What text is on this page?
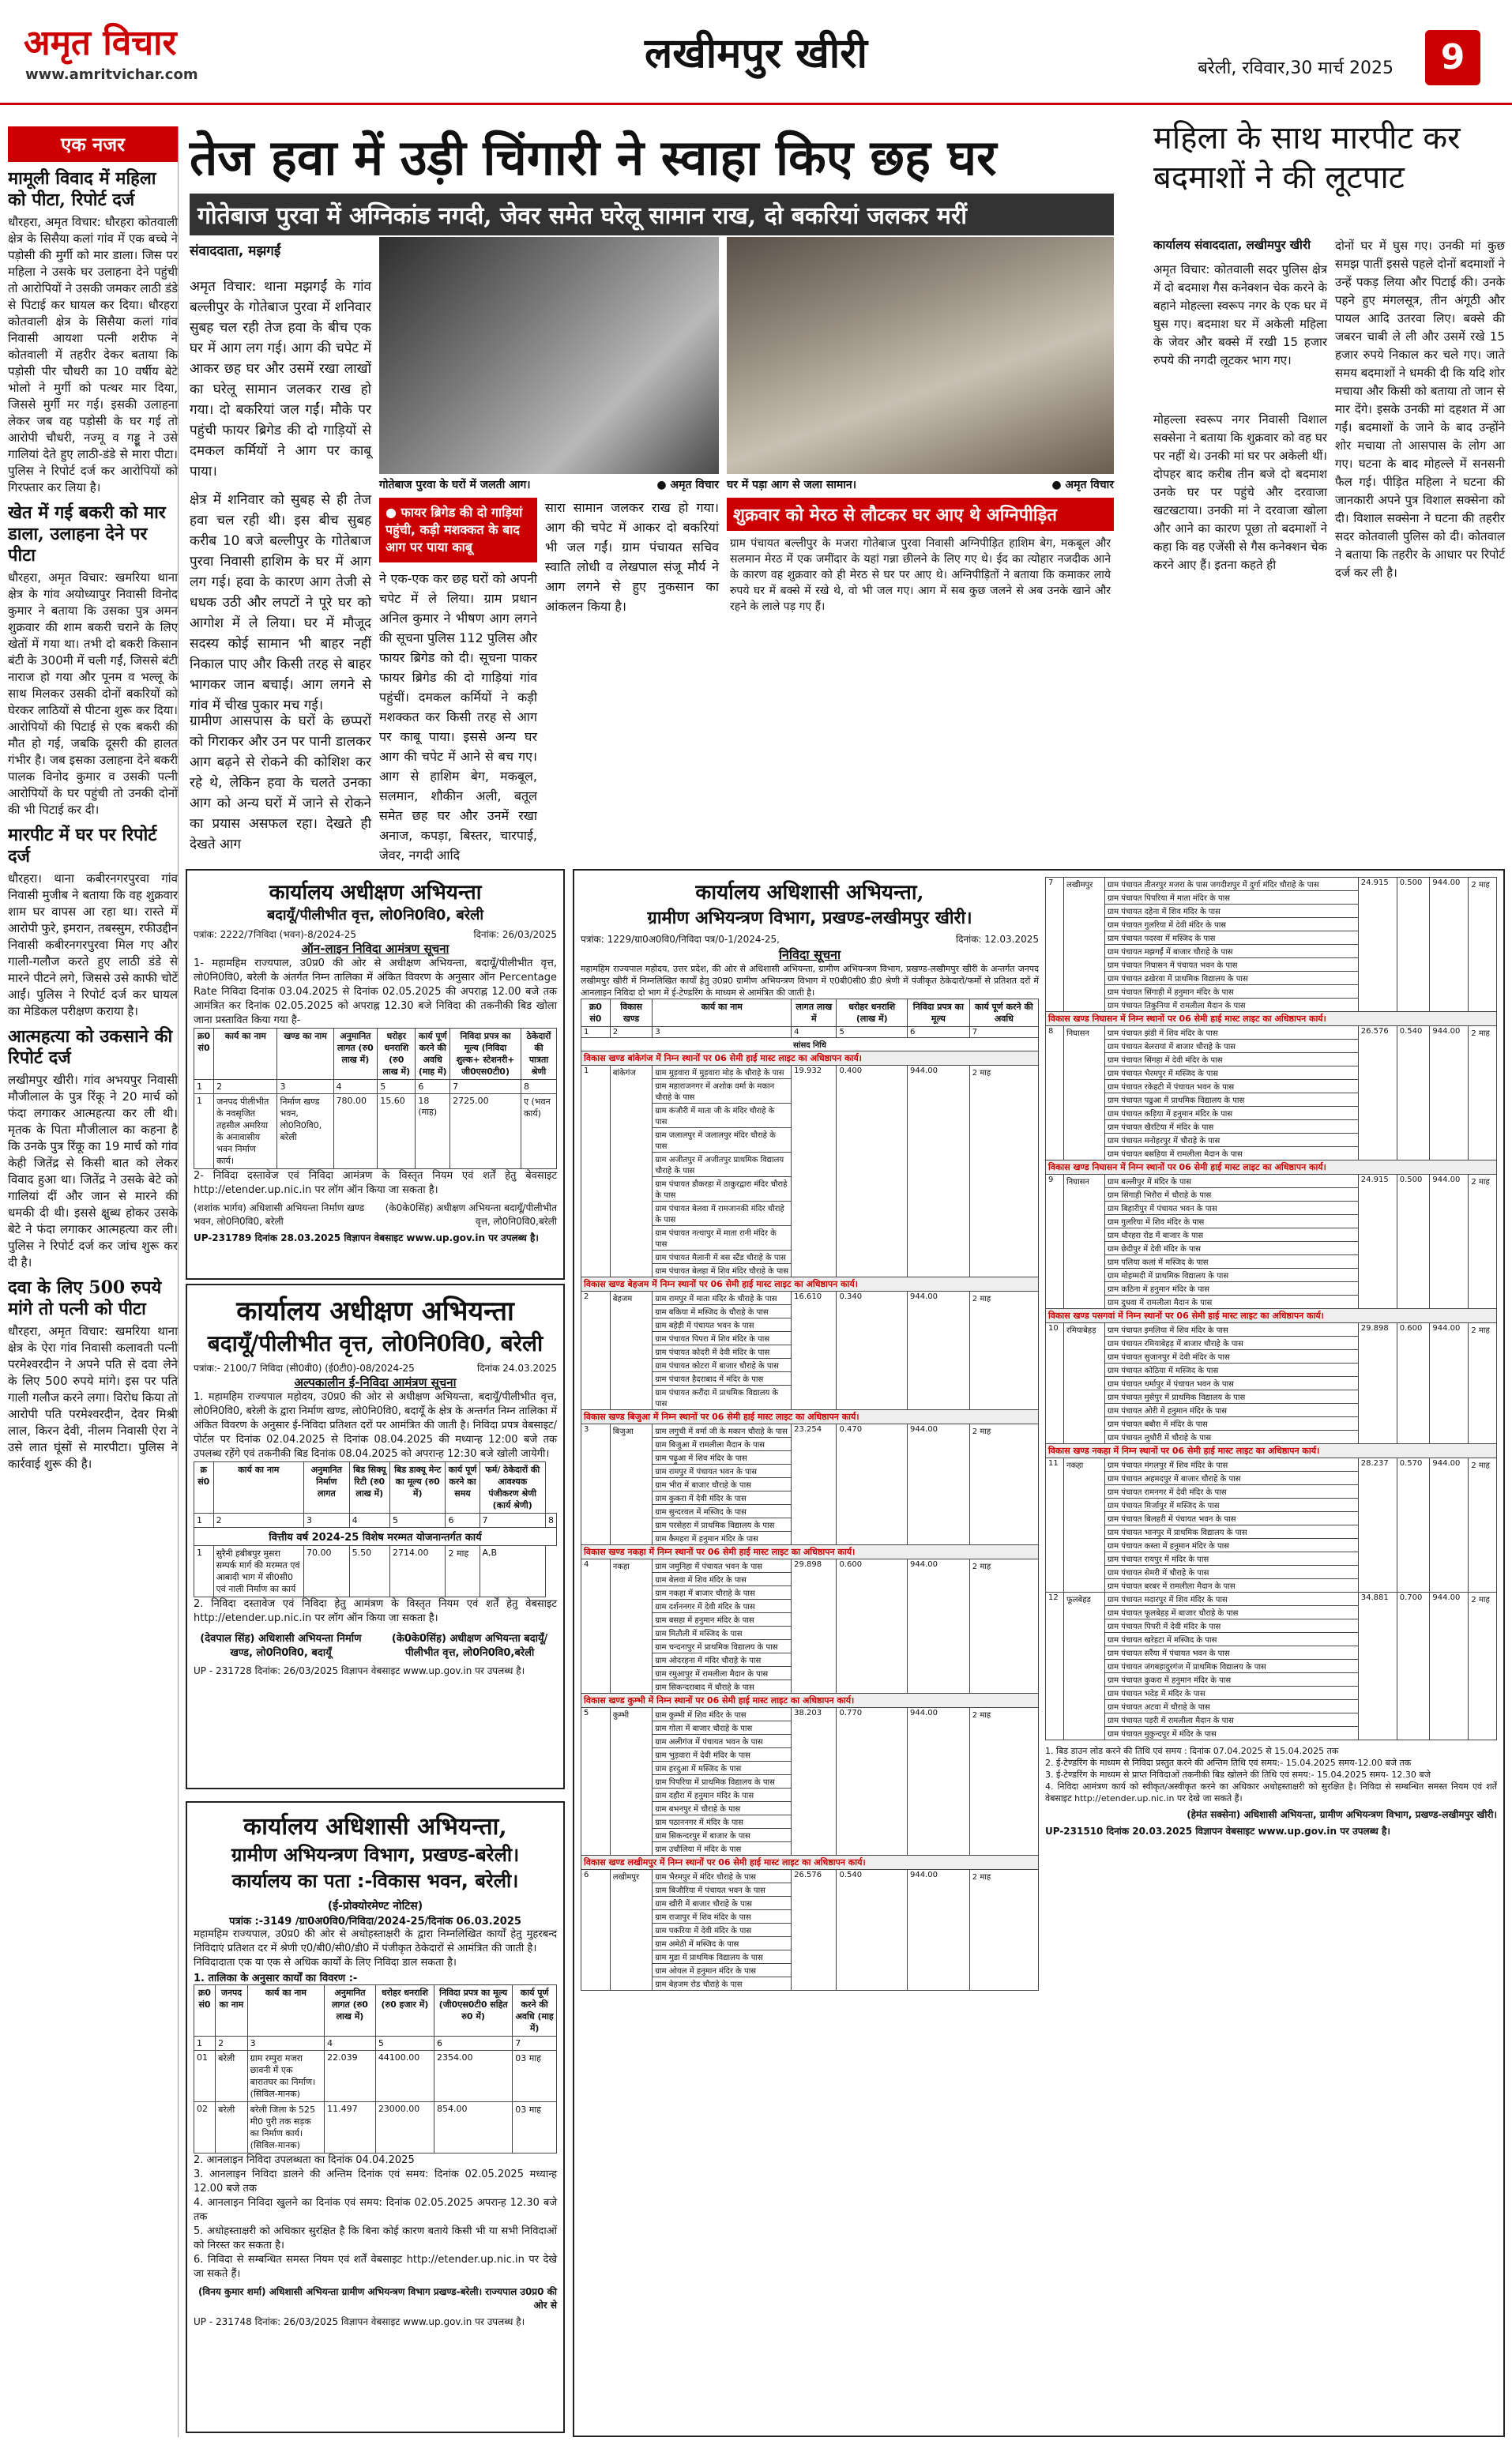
अमृत विचार
www.amritvichar.com	लखीमपुर खीरी	बरेली, रविवार,30 मार्च 2025	9
एक नजर
मामूली विवाद में महिला को पीटा, रिपोर्ट दर्ज
धौरहरा, अमृत विचार: धौरहरा कोतवाली क्षेत्र के सिसैया कलां गांव में एक बच्चे ने पड़ोसी की मुर्गी को मार डाला। जिस पर महिला ने उसके घर उलाहना देने पहुंची तो आरोपियों ने उसकी जमकर लाठी डंडे से पिटाई कर घायल कर दिया। धौरहरा कोतवाली क्षेत्र के सिसैया कलां गांव निवासी आयशा पत्नी शरीफ ने कोतवाली में तहरीर देकर बताया कि पड़ोसी पीर चौधरी का 10 वर्षीय बेटे भोलो ने मुर्गी को पत्थर मार दिया, जिससे मुर्गी मर गई। इसकी उलाहना लेकर जब वह पड़ोसी के घर गई तो आरोपी चौधरी, नज्मू व गड्डू ने उसे गालियां देते हुए लाठी-डंडे से मारा पीटा। पुलिस ने रिपोर्ट दर्ज कर आरोपियों को गिरफ्तार कर लिया है।
खेत में गई बकरी को मार डाला, उलाहना देने पर पीटा
धौरहरा, अमृत विचार: खमरिया थाना क्षेत्र के गांव अयोध्यापुर निवासी विनोद कुमार ने बताया कि उसका पुत्र अमन शुक्रवार की शाम बकरी चराने के लिए खेतों में गया था। तभी दो बकरी किसान बंटी के 300मी में चली गईं, जिससे बंटी नाराज हो गया और पूनम व भल्लू के साथ मिलकर उसकी दोनों बकरियों को घेरकर लाठियों से पीटना शुरू कर दिया। आरोपियों की पिटाई से एक बकरी की मौत हो गई, जबकि दूसरी की हालत गंभीर है। जब इसका उलाहना देने बकरी पालक विनोद कुमार व उसकी पत्नी आरोपियों के घर पहुंची तो उनकी दोनों की भी पिटाई कर दी।
मारपीट में घर पर रिपोर्ट दर्ज
धौरहरा। थाना कबीरनगरपुरवा गांव निवासी मुजीब ने बताया कि वह शुक्रवार शाम घर वापस आ रहा था। रास्ते में आरोपी फुरे, इमरान, तबस्सुम, रफीउद्दीन निवासी कबीरनगरपुरवा मिल गए और गाली-गलौज करते हुए लाठी डंडे से मारने पीटने लगे, जिससे उसे काफी चोटें आईं। पुलिस ने रिपोर्ट दर्ज कर घायल का मेडिकल परीक्षण कराया है।
आत्महत्या को उकसाने की रिपोर्ट दर्ज
लखीमपुर खीरी। गांव अभयपुर निवासी मौजीलाल के पुत्र रिंकू ने 20 मार्च को फंदा लगाकर आत्महत्या कर ली थी। मृतक के पिता मौजीलाल का कहना है कि उनके पुत्र रिंकू का 19 मार्च को गांव केही जितेंद्र से किसी बात को लेकर विवाद हुआ था। जितेंद्र ने उसके बेटे को गालियां दीं और जान से मारने की धमकी दी थी। इससे क्षुब्ध होकर उसके बेटे ने फंदा लगाकर आत्महत्या कर ली। पुलिस ने रिपोर्ट दर्ज कर जांच शुरू कर दी है।
दवा के लिए 500 रुपये मांगे तो पत्नी को पीटा
धौरहरा, अमृत विचार: खमरिया थाना क्षेत्र के ऐरा गांव निवासी कलावती पत्नी परमेश्वरदीन ने अपने पति से दवा लेने के लिए 500 रुपये मांगे। इस पर पति गाली गलौज करने लगा। विरोध किया तो आरोपी पति परमेश्वरदीन, देवर मिश्री लाल, किरन देवी, नीलम निवासी ऐरा ने उसे लात घूंसों से मारपीटा। पुलिस ने कार्रवाई शुरू की है।
तेज हवा में उड़ी चिंगारी ने स्वाहा किए छह घर
गोतेबाज पुरवा में अग्निकांड नगदी, जेवर समेत घरेलू सामान राख, दो बकरियां जलकर मरीं
संवाददाता, मझगईं
अमृत विचार: थाना मझगईं के गांव बल्लीपुर के गोतेबाज पुरवा में शनिवार सुबह चल रही तेज हवा के बीच एक घर में आग लग गई। आग की चपेट में आकर छह घर और उसमें रखा लाखों का घरेलू सामान जलकर राख हो गया। दो बकरियां जल गईं। मौके पर पहुंची फायर ब्रिगेड की दो गाड़ियों से दमकल कर्मियों ने आग पर काबू पाया।
गोतेबाज पुरवा के घरों में जलती आग।	● अमृत विचार घर में पड़ा आग से जला सामान।	● अमृत विचार
क्षेत्र में शनिवार को सुबह से ही तेज हवा चल रही थी। इस बीच सुबह करीब 10 बजे बल्लीपुर के गोतेबाज पुरवा निवासी हाशिम के घर में आग लग गई। हवा के कारण आग तेजी से धधक उठी और लपटों ने पूरे घर को आगोश में ले लिया। घर में मौजूद सदस्य कोई सामान भी बाहर नहीं निकाल पाए और किसी तरह से बाहर भागकर जान बचाई। आग लगने से गांव में चीख पुकार मच गई।
ग्रामीण आसपास के घरों के छप्परों को गिराकर और उन पर पानी डालकर आग बढ़ने से रोकने की कोशिश कर रहे थे, लेकिन हवा के चलते उनका आग को अन्य घरों में जाने से रोकने का प्रयास असफल रहा। देखते ही देखते आग
● फायर ब्रिगेड की दो गाड़ियां पहुंची, कड़ी मशक्कत के बाद आग पर पाया काबू
ने एक-एक कर छह घरों को अपनी चपेट में ले लिया। ग्राम प्रधान अनिल कुमार ने भीषण आग लगने की सूचना पुलिस 112 पुलिस और फायर ब्रिगेड को दी। सूचना पाकर फायर ब्रिगेड की दो गाड़ियां गांव पहुंचीं। दमकल कर्मियों ने कड़ी मशक्कत कर किसी तरह से आग पर काबू पाया। इससे अन्य घर आग की चपेट में आने से बच गए। आग से हाशिम बेग, मकबूल, सलमान, शौकीन अली, बतूल समेत छह घर और उनमें रखा अनाज, कपड़ा, बिस्तर, चारपाई, जेवर, नगदी आदि
सारा सामान जलकर राख हो गया। आग की चपेट में आकर दो बकरियां भी जल गईं। ग्राम पंचायत सचिव स्वाति लोधी व लेखपाल संजू मौर्य ने आग लगने से हुए नुकसान का आंकलन किया है।
शुक्रवार को मेरठ से लौटकर घर आए थे अग्निपीड़ित
ग्राम पंचायत बल्लीपुर के मजरा गोतेबाज पुरवा निवासी अग्निपीड़ित हाशिम बेग, मकबूल और सलमान मेरठ में एक जमींदार के यहां गन्ना छीलने के लिए गए थे। ईद का त्योहार नजदीक आने के कारण वह शुक्रवार को ही मेरठ से घर पर आए थे। अग्निपीड़ितों ने बताया कि कमाकर लाये रुपये घर में बक्से में रखे थे, वो भी जल गए। आग में सब कुछ जलने से अब उनके खाने और रहने के लाले पड़ गए हैं।
महिला के साथ मारपीट कर बदमाशों ने की लूटपाट
कार्यालय संवाददाता, लखीमपुर खीरी
अमृत विचार: कोतवाली सदर पुलिस क्षेत्र में दो बदमाश गैस कनेक्शन चेक करने के बहाने मोहल्ला स्वरूप नगर के एक घर में घुस गए। बदमाश घर में अकेली महिला के जेवर और बक्से में रखी 15 हजार रुपये की नगदी लूटकर भाग गए।
मोहल्ला स्वरूप नगर निवासी विशाल सक्सेना ने बताया कि शुक्रवार को वह घर पर नहीं थे। उनकी मां घर पर अकेली थीं। दोपहर बाद करीब तीन बजे दो बदमाश उनके घर पर पहुंचे और दरवाजा खटखटाया। उनकी मां ने दरवाजा खोला और आने का कारण पूछा तो बदमाशों ने कहा कि वह एजेंसी से गैस कनेक्शन चेक करने आए हैं। इतना कहते ही
दोनों घर में घुस गए। उनकी मां कुछ समझ पातीं इससे पहले दोनों बदमाशों ने उन्हें पकड़ लिया और पिटाई की। उनके पहने हुए मंगलसूत्र, तीन अंगूठी और पायल आदि उतरवा लिए। बक्से की जबरन चाबी ले ली और उसमें रखे 15 हजार रुपये निकाल कर चले गए। जाते समय बदमाशों ने धमकी दी कि यदि शोर मचाया और किसी को बताया तो जान से मार देंगे। इसके उनकी मां दहशत में आ गईं। बदमाशों के जाने के बाद उन्होंने शोर मचाया तो आसपास के लोग आ गए। घटना के बाद मोहल्ले में सनसनी फैल गई। पीड़ित महिला ने घटना की जानकारी अपने पुत्र विशाल सक्सेना को दी। विशाल सक्सेना ने घटना की तहरीर सदर कोतवाली पुलिस को दी। कोतवाल ने बताया कि तहरीर के आधार पर रिपोर्ट दर्ज कर ली है।
कार्यालय अधीक्षण अभियन्ता
बदायूँ/पीलीभीत वृत्त, लो0नि0वि0, बरेली
पत्रांक: 2222/7निविदा (भवन)-8/2024-25	दिनांक: 26/03/2025
ऑन-लाइन निविदा आमंत्रण सूचना
1- महामहिम राज्यपाल, उ0प्र0 की ओर से अधीक्षण अभियन्ता, बदायूँ/पीलीभीत वृत्त, लो0नि0वि0, बरेली के अंतर्गत निम्न तालिका में अंकित विवरण के अनुसार ऑन Percentage Rate निविदा दिनांक 03.04.2025 से दिनांक 02.05.2025 की अपराह्न 12.00 बजे तक आमंत्रित कर दिनांक 02.05.2025 को अपराह्न 12.30 बजे निविदा की तकनीकी बिड खोला जाना प्रस्तावित किया गया है-
क्र0 सं0	कार्य का नाम	खण्ड का नाम	अनुमानित लागत (रु0 लाख में)	धरोहर धनराशि (रु0 लाख में)	कार्य पूर्ण करने की अवधि (माह में)	निविदा प्रपत्र का मूल्य (निविदा शुल्क+ स्टेशनरी+ जी0एस0टी0)	ठेकेदारों की पात्रता श्रेणी
1	2	3	4	5	6	7	8
1	जनपद पीलीभीत के नवसृजित तहसील अमरिया के अनावासीय भवन निर्माण कार्य।	निर्माण खण्ड भवन, लो0नि0वि0, बरेली	780.00	15.60	18 (माह)	2725.00	ए (भवन कार्य)
2- निविदा दस्तावेज एवं निविदा आमंत्रण के विस्तृत नियम एवं शर्तें हेतु बेवसाइट http://etender.up.nic.in पर लॉग ऑन किया जा सकता है।
(शशांक भार्गव) अधिशासी अभियन्ता निर्माण खण्ड भवन, लो0नि0वि0, बरेली
(के0के0सिंह) अधीक्षण अभियन्ता बदायूँ/पीलीभीत वृत्त, लो0नि0वि0,बरेली
UP-231789 दिनांक 28.03.2025 विज्ञापन वेबसाइट www.up.gov.in पर उपलब्ध है।
कार्यालय अधीक्षण अभियन्ता
बदायूँ/पीलीभीत वृत्त, लो0नि0वि0, बरेली
पत्रांक:- 2100/7 निविदा (सी0वी0) (ई0टी0)-08/2024-25	दिनांक 24.03.2025
अल्पकालीन ई-निविदा आमंत्रण सूचना
1. महामहिम राज्यपाल महोदय, उ0प्र0 की ओर से अधीक्षण अभियन्ता, बदायूँ/पीलीभीत वृत्त, लो0नि0वि0, बरेली के द्वारा निर्माण खण्ड, लो0नि0वि0, बदायूँ के क्षेत्र के अन्तर्गत निम्न तालिका में अंकित विवरण के अनुसार ई-निविदा प्रतिशत दरों पर आमंत्रित की जाती है। निविदा प्रपत्र वेबसाइट/पोर्टल पर दिनांक 02.04.2025 से दिनांक 08.04.2025 की मध्यान्ह 12:00 बजे तक उपलब्ध रहेंगे एवं तकनीकी बिड दिनांक 08.04.2025 को अपरान्ह 12:30 बजे खोली जायेगी।
क्र सं0	कार्य का नाम	अनुमानित निर्माण लागत	बिड सिक्यू रिटी (रु0 लाख में)	बिड डाक्यू मेन्ट का मूल्य (रु0 में)	कार्य पूर्ण करने का समय	फर्म/ ठेकेदारों की आवश्यक पंजीकरण श्रेणी (कार्य श्रेणी)	
1	2	3	4	5	6	7	8
वित्तीय वर्ष 2024-25 विशेष मरम्मत योजनान्तर्गत कार्य							
1	सुरैनी हबीबपुर मुसरा सम्पर्क मार्ग की मरम्मत एवं आबादी भाग में सी0सी0 एवं नाली निर्माण का कार्य	70.00	5.50	2714.00	2 माह	A,B	
2. निविदा दस्तावेज एवं निविदा हेतु आमंत्रण के विस्तृत नियम एवं शर्तें हेतु वेबसाइट http://etender.up.nic.in पर लॉग ऑन किया जा सकता है।
(देवपाल सिंह) अधिशासी अभियन्ता निर्माण खण्ड, लो0नि0वि0, बदायूँ
(के0के0सिंह) अधीक्षण अभियन्ता बदायूँ/पीलीभीत वृत्त, लो0नि0वि0,बरेली
UP - 231728 दिनांक: 26/03/2025 विज्ञापन वेबसाइट www.up.gov.in पर उपलब्ध है।
कार्यालय अधिशासी अभियन्ता,
ग्रामीण अभियन्त्रण विभाग, प्रखण्ड-बरेली।
कार्यालय का पता :-विकास भवन, बरेली।
(ई-प्रोक्योरमेण्ट नोटिस)
पत्रांक :-3149 /ग्रा0अ0वि0/निविदा/2024-25/दिनांक 06.03.2025
महामहिम राज्यपाल, उ0प्र0 की ओर से अधोहस्ताक्षरी के द्वारा निम्नलिखित कार्यों हेतु मुहरबन्द निविदाएं प्रतिशत दर में श्रेणी ए0/बी0/सी0/डी0 में पंजीकृत ठेकेदारों से आमंत्रित की जाती है।
निविदादाता एक या एक से अधिक कार्यों के लिए निविदा डाल सकता है।
1. तालिका के अनुसार कार्यों का विवरण :-
क्र0 सं0	जनपद का नाम	कार्य का नाम	अनुमानित लागत (रु0 लाख में)	धरोहर धनराशि (रु0 हजार में)	निविदा प्रपत्र का मूल्य (जी0एस0टी0 सहित रु0 में)	कार्य पूर्ण करने की अवधि (माह में)
1	2	3	4	5	6	7
01	बरेली	ग्राम रम्पुरा मजरा छावनी में एक बारातघर का निर्माण। (सिविल-मानक)	22.039	44100.00	2354.00	03 माह
02	बरेली	बरेली जिला के 525 मी0 पुरी तक सड़क का निर्माण कार्य। (सिविल-मानक)	11.497	23000.00	854.00	03 माह
2. आनलाइन निविदा उपलब्धता का दिनांक 04.04.2025
3. आनलाइन निविदा डालने की अन्तिम दिनांक एवं समय: दिनांक 02.05.2025 मध्यान्ह 12.00 बजे तक
4. आनलाइन निविदा खुलने का दिनांक एवं समय: दिनांक 02.05.2025 अपरान्ह 12.30 बजे तक
5. अधोहस्ताक्षरी को अधिकार सुरक्षित है कि बिना कोई कारण बताये किसी भी या सभी निविदाओं को निरस्त कर सकता है।
6. निविदा से सम्बन्धित समस्त नियम एवं शर्तें वेबसाइट http://etender.up.nic.in पर देखे जा सकते हैं।
(विनय कुमार शर्मा) अधिशासी अभियन्ता ग्रामीण अभियन्त्रण विभाग प्रखण्ड-बरेली। राज्यपाल उ0प्र0 की ओर से
UP - 231748 दिनांक: 26/03/2025 विज्ञापन वेबसाइट www.up.gov.in पर उपलब्ध है।
कार्यालय अधिशासी अभियन्ता,
ग्रामीण अभियन्त्रण विभाग, प्रखण्ड-लखीमपुर खीरी।
पत्रांक: 1229/ग्रा0अ0वि0/निविदा पत्र/0-1/2024-25,	दिनांक: 12.03.2025
निविदा सूचना
महामहिम राज्यपाल महोदय, उत्तर प्रदेश, की ओर से अधिशासी अभियन्ता, ग्रामीण अभियन्त्रण विभाग, प्रखण्ड-लखीमपुर खीरी के अन्तर्गत जनपद लखीमपुर खीरी में निम्नलिखित कार्यों हेतु उ0प्र0 ग्रामीण अभियन्त्रण विभाग में ए0बी0सी0 डी0 श्रेणी में पंजीकृत ठेकेदारों/फर्मो से प्रतिशत दरों में आनलाइन निविदा दो भाग में ई-टेण्डरिंग के माध्यम से आमंत्रित की जाती है।
क्र0 सं0	विकास खण्ड	कार्य का नाम	लागत लाख में	धरोहर धनराशि (लाख में)	निविदा प्रपत्र का मूल्य	कार्य पूर्ण करने की अवधि
1	2	3	4	5	6	7
सांसद निधि						
विकास खण्ड बांकेगंज में निम्न स्थानों पर 06 सेमी हाई मास्ट लाइट का अधिष्ठापन कार्य।						
1	बांकेगंज	ग्राम मुड़वारा में मुड़वारा मोड़ के चौराहे के पास	19.932	0.400	944.00	2 माह
		ग्राम महाराजनगर में अशोक वर्मा के मकान चौराहे के पास				
		ग्राम कंजौरी में माता जी के मंदिर चौराहे के पास				
		ग्राम जलालपुर में जलालपुर मंदिर चौराहे के पास				
		ग्राम अजीतपुर में अजीतपुर प्राथमिक विद्यालय चौराहे के पास				
		ग्राम पंचायत डौकरहा में ठाकुरद्वारा मंदिर चौराहे के पास				
		ग्राम पंचायत बेलवा में रामजानकी मंदिर चौराहे के पास				
		ग्राम पंचायत नत्थापुर में माता रानी मंदिर के पास				
		ग्राम पंचायत मैलानी में बस स्टैंड चौराहे के पास				
		ग्राम पंचायत बेलहा में शिव मंदिर चौराहे के पास				
विकास खण्ड बेहजम में निम्न स्थानों पर 06 सेमी हाई मास्ट लाइट का अधिष्ठापन कार्य।						
2	बेहजम	ग्राम रामपुर में माता मंदिर के चौराहे के पास	16.610	0.340	944.00	2 माह
		ग्राम बकिया में मस्जिद के चौराहे के पास				
		ग्राम बहेड़ी में पंचायत भवन के पास				
		ग्राम पंचायत पिपरा में शिव मंदिर के पास				
		ग्राम पंचायत कोदरी में देवी मंदिर के पास				
		ग्राम पंचायत कोटरा में बाजार चौराहे के पास				
		ग्राम पंचायत हैदराबाद में मंदिर के पास				
		ग्राम पंचायत करौंदा में प्राथमिक विद्यालय के पास				
विकास खण्ड बिजुआ में निम्न स्थानों पर 06 सेमी हाई मास्ट लाइट का अधिष्ठापन कार्य।						
3	बिजुआ	ग्राम लगुची में वर्मा जी के मकान चौराहे के पास	23.254	0.470	944.00	2 माह
		ग्राम बिजुआ में रामलीला मैदान के पास				
		ग्राम पढ़ुआ में शिव मंदिर के पास				
		ग्राम रामपुर में पंचायत भवन के पास				
		ग्राम भीरा में बाजार चौराहे के पास				
		ग्राम कुकरा में देवी मंदिर के पास				
		ग्राम सुन्दरवल में मस्जिद के पास				
		ग्राम परसेहरा में प्राथमिक विद्यालय के पास				
		ग्राम कैमहरा में हनुमान मंदिर के पास				
विकास खण्ड नकहा में निम्न स्थानों पर 06 सेमी हाई मास्ट लाइट का अधिष्ठापन कार्य।						
4	नकहा	ग्राम जमुनिहा में पंचायत भवन के पास	29.898	0.600	944.00	2 माह
		ग्राम बेलवा में शिव मंदिर के पास				
		ग्राम नकहा में बाजार चौराहे के पास				
		ग्राम दर्शननगर में देवी मंदिर के पास				
		ग्राम बसहा में हनुमान मंदिर के पास				
		ग्राम मितौली में मस्जिद के पास				
		ग्राम चन्दनापुर में प्राथमिक विद्यालय के पास				
		ग्राम ओदरहना में मंदिर चौराहे के पास				
		ग्राम रमुआपुर में रामलीला मैदान के पास				
		ग्राम सिकन्दराबाद में चौराहे के पास				
विकास खण्ड कुम्भी में निम्न स्थानों पर 06 सेमी हाई मास्ट लाइट का अधिष्ठापन कार्य।						
5	कुम्भी	ग्राम कुम्भी में शिव मंदिर के पास	38.203	0.770	944.00	2 माह
		ग्राम गोला में बाजार चौराहे के पास				
		ग्राम अलीगंज में पंचायत भवन के पास				
		ग्राम भुड़वारा में देवी मंदिर के पास				
		ग्राम हरदुआ में मस्जिद के पास				
		ग्राम पिपरिया में प्राथमिक विद्यालय के पास				
		ग्राम दहौरा में हनुमान मंदिर के पास				
		ग्राम बभनपुर में चौराहे के पास				
		ग्राम पठाननगर में मंदिर के पास				
		ग्राम सिकन्दरपुर में बाजार के पास				
		ग्राम उचौलिया में मंदिर के पास				
विकास खण्ड लखीमपुर में निम्न स्थानों पर 06 सेमी हाई मास्ट लाइट का अधिष्ठापन कार्य।						
6	लखीमपुर	ग्राम भैरमपुर में मंदिर चौराहे के पास	26.576	0.540	944.00	2 माह
		ग्राम बिजौरिया में पंचायत भवन के पास				
		ग्राम खीरी में बाजार चौराहे के पास				
		ग्राम राजापुर में शिव मंदिर के पास				
		ग्राम पकरिया में देवी मंदिर के पास				
		ग्राम अमेठी में मस्जिद के पास				
		ग्राम मुडा में प्राथमिक विद्यालय के पास				
		ग्राम ओयल में हनुमान मंदिर के पास				
		ग्राम बेहजम रोड चौराहे के पास				
7	लखीमपुर	ग्राम पंचायत तीतरपुर मजरा के पास जगदीशपुर में दुर्गा मंदिर चौराहे के पास	24.915	0.500	944.00	2 माह
		ग्राम पंचायत पिपरिया में माता मंदिर के पास				
		ग्राम पंचायत दहेना में शिव मंदिर के पास				
		ग्राम पंचायत गुलरिया में देवी मंदिर के पास				
		ग्राम पंचायत पदरवा में मस्जिद के पास				
		ग्राम पंचायत मझगईं में बाजार चौराहे के पास				
		ग्राम पंचायत निघासन में पंचायत भवन के पास				
		ग्राम पंचायत ढखेरवा में प्राथमिक विद्यालय के पास				
		ग्राम पंचायत सिंगाही में हनुमान मंदिर के पास				
		ग्राम पंचायत तिकुनिया में रामलीला मैदान के पास				
विकास खण्ड निघासन में निम्न स्थानों पर 06 सेमी हाई मास्ट लाइट का अधिष्ठापन कार्य।						
8	निघासन	ग्राम पंचायत झंडी में शिव मंदिर के पास	26.576	0.540	944.00	2 माह
		ग्राम पंचायत बेलरायां में बाजार चौराहे के पास				
		ग्राम पंचायत सिंगहा में देवी मंदिर के पास				
		ग्राम पंचायत भैरमपुर में मस्जिद के पास				
		ग्राम पंचायत रकेहटी में पंचायत भवन के पास				
		ग्राम पंचायत पढुआ में प्राथमिक विद्यालय के पास				
		ग्राम पंचायत कड़िया में हनुमान मंदिर के पास				
		ग्राम पंचायत खैरटिया में मंदिर के पास				
		ग्राम पंचायत मनोहरपुर में चौराहे के पास				
		ग्राम पंचायत बसहिया में रामलीला मैदान के पास				
विकास खण्ड निघासन में निम्न स्थानों पर 06 सेमी हाई मास्ट लाइट का अधिष्ठापन कार्य।						
9	निघासन	ग्राम बल्लीपुर में मंदिर के पास	24.915	0.500	944.00	2 माह
		ग्राम सिंगाही भिरौरा में चौराहे के पास				
		ग्राम बिहारीपुर में पंचायत भवन के पास				
		ग्राम गुलरिया में शिव मंदिर के पास				
		ग्राम धौरहरा रोड में बाजार के पास				
		ग्राम छेदीपुर में देवी मंदिर के पास				
		ग्राम पलिया कलां में मस्जिद के पास				
		ग्राम मोहम्मदी में प्राथमिक विद्यालय के पास				
		ग्राम कठिना में हनुमान मंदिर के पास				
		ग्राम दुधवा में रामलीला मैदान के पास				
विकास खण्ड पसगवां में निम्न स्थानों पर 06 सेमी हाई मास्ट लाइट का अधिष्ठापन कार्य।						
10	रमियाबेहड़	ग्राम पंचायत इमलिया में शिव मंदिर के पास	29.898	0.600	944.00	2 माह
		ग्राम पंचायत रमियाबेहड़ में बाजार चौराहे के पास				
		ग्राम पंचायत सुजानपुर में देवी मंदिर के पास				
		ग्राम पंचायत कोठिया में मस्जिद के पास				
		ग्राम पंचायत धर्मापुर में पंचायत भवन के पास				
		ग्राम पंचायत मुसेपुर में प्राथमिक विद्यालय के पास				
		ग्राम पंचायत ओरी में हनुमान मंदिर के पास				
		ग्राम पंचायत बबौरा में मंदिर के पास				
		ग्राम पंचायत लुधौरी में चौराहे के पास				
विकास खण्ड नकहा में निम्न स्थानों पर 06 सेमी हाई मास्ट लाइट का अधिष्ठापन कार्य।						
11	नकहा	ग्राम पंचायत मंगलपुर में शिव मंदिर के पास	28.237	0.570	944.00	2 माह
		ग्राम पंचायत अहमदपुर में बाजार चौराहे के पास				
		ग्राम पंचायत रामनगर में देवी मंदिर के पास				
		ग्राम पंचायत मिर्जापुर में मस्जिद के पास				
		ग्राम पंचायत बिलहरी में पंचायत भवन के पास				
		ग्राम पंचायत भानपुर में प्राथमिक विद्यालय के पास				
		ग्राम पंचायत कस्ता में हनुमान मंदिर के पास				
		ग्राम पंचायत रायपुर में मंदिर के पास				
		ग्राम पंचायत सेमरी में चौराहे के पास				
		ग्राम पंचायत बरबर में रामलीला मैदान के पास				
12	फूलबेहड़	ग्राम पंचायत मदारपुर में शिव मंदिर के पास	34.881	0.700	944.00	2 माह
		ग्राम पंचायत फूलबेहड़ में बाजार चौराहे के पास				
		ग्राम पंचायत पिपरी में देवी मंदिर के पास				
		ग्राम पंचायत खरेहटा में मस्जिद के पास				
		ग्राम पंचायत सरैंया में पंचायत भवन के पास				
		ग्राम पंचायत जंगबहादुरगंज में प्राथमिक विद्यालय के पास				
		ग्राम पंचायत कुकरा में हनुमान मंदिर के पास				
		ग्राम पंचायत भदेड़ में मंदिर के पास				
		ग्राम पंचायत अटवा में चौराहे के पास				
		ग्राम पंचायत पड़री में रामलीला मैदान के पास				
		ग्राम पंचायत मुकुन्दपुर में मंदिर के पास				
1. बिड डाउन लोड करने की तिथि एवं समय : दिनांक 07.04.2025 से 15.04.2025 तक
2. ई-टेण्डरिंग के माध्यम से निविदा प्रस्तुत करने की अन्तिम तिथि एवं समय:- 15.04.2025 समय-12.00 बजे तक
3. ई-टेण्डरिंग के माध्यम से प्राप्त निविदाओं तकनीकी बिड खोलने की तिथि एवं समय:- 15.04.2025 समय- 12.30 बजे
4. निविदा आमंत्रण कार्य को स्वीकृत/अस्वीकृत करने का अधिकार अधोहस्ताक्षरी को सुरक्षित है। निविदा से सम्बन्धित समस्त नियम एवं शर्तें वेबसाइट http://etender.up.nic.in पर देखे जा सकते हैं।
(हेमंत सक्सेना) अधिशासी अभियन्ता, ग्रामीण अभियन्त्रण विभाग, प्रखण्ड-लखीमपुर खीरी।
UP-231510 दिनांक 20.03.2025 विज्ञापन वेबसाइट www.up.gov.in पर उपलब्ध है।
